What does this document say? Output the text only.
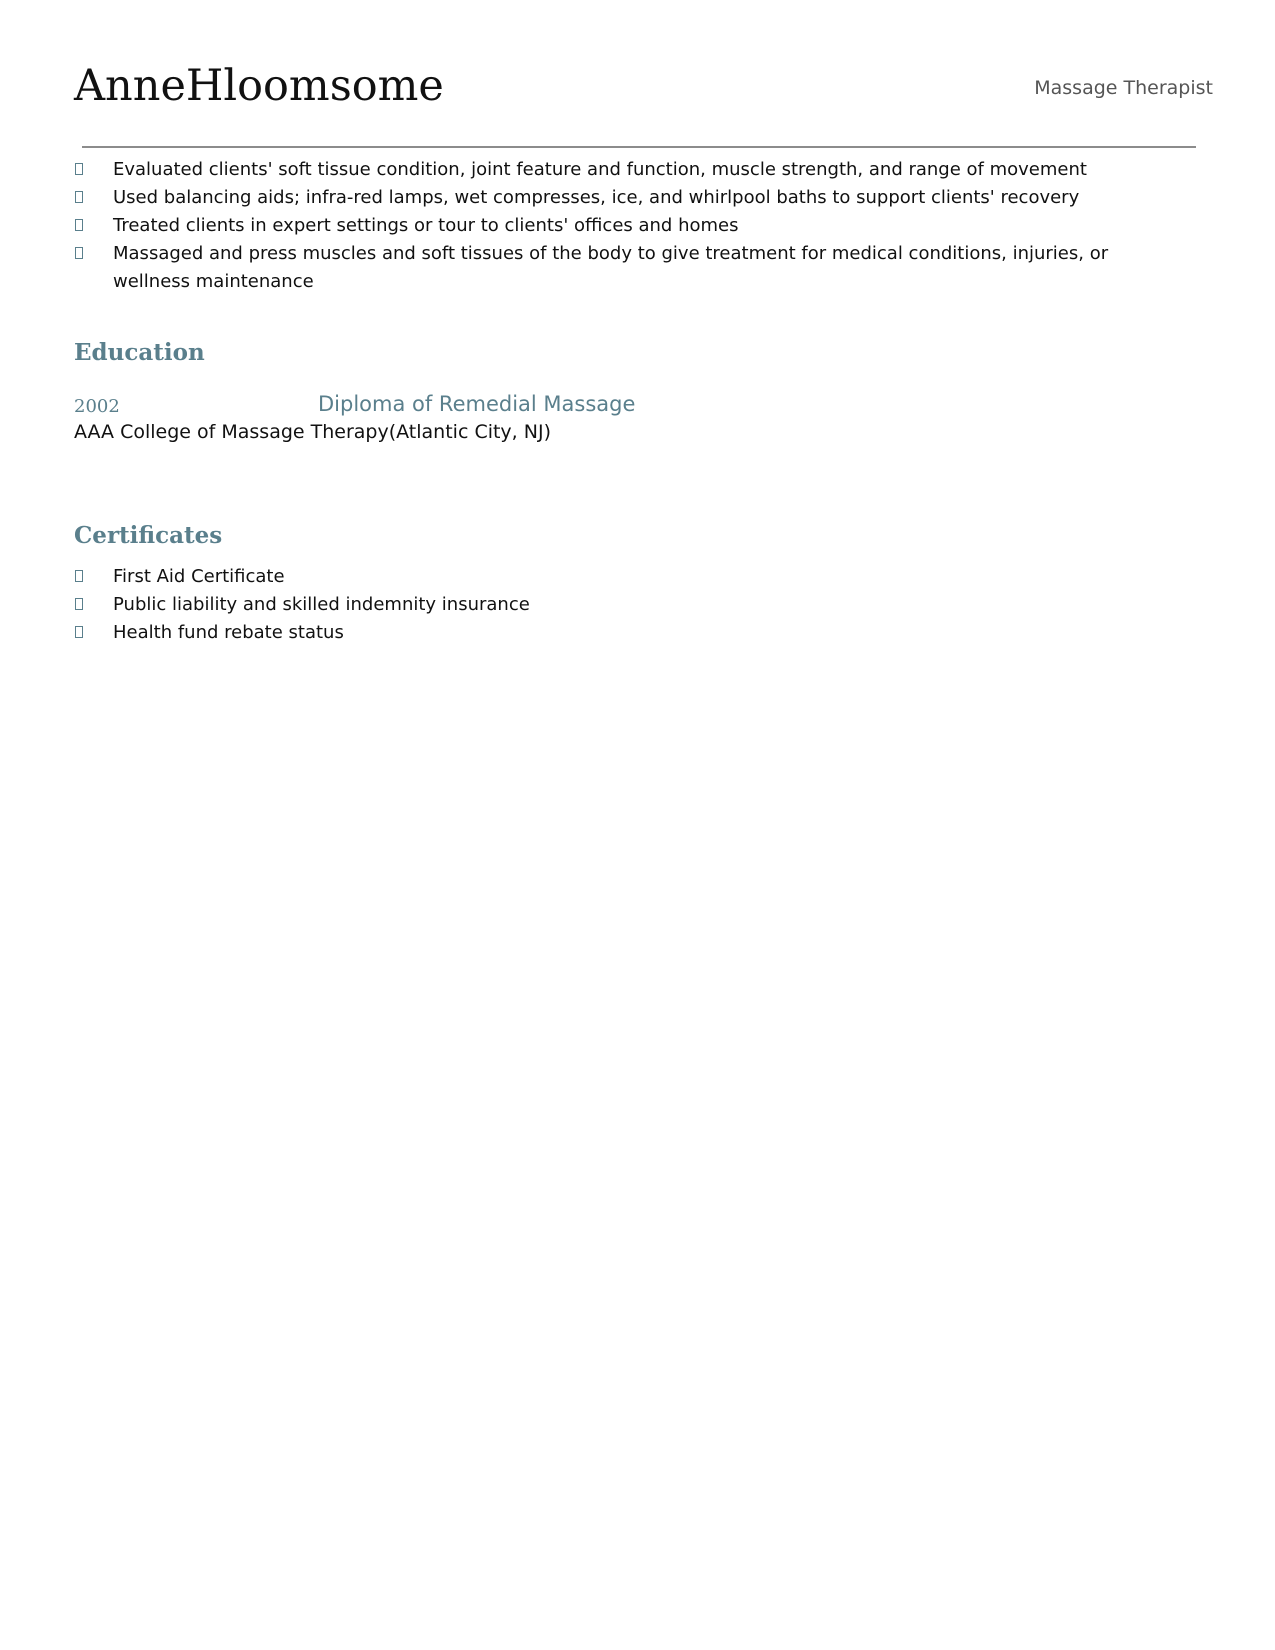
AnneHloomsome	Massage Therapist
Evaluated clients' soft tissue condition, joint feature and function, muscle strength, and range of movement
Used balancing aids; infra-red lamps, wet compresses, ice, and whirlpool baths to support clients' recovery
Treated clients in expert settings or tour to clients' offices and homes
Massaged and press muscles and soft tissues of the body to give treatment for medical conditions, injuries, or wellness maintenance
Education
2002	Diploma of Remedial Massage
AAA College of Massage Therapy(Atlantic City, NJ)
Certificates
First Aid Certificate
Public liability and skilled indemnity insurance
Health fund rebate status
